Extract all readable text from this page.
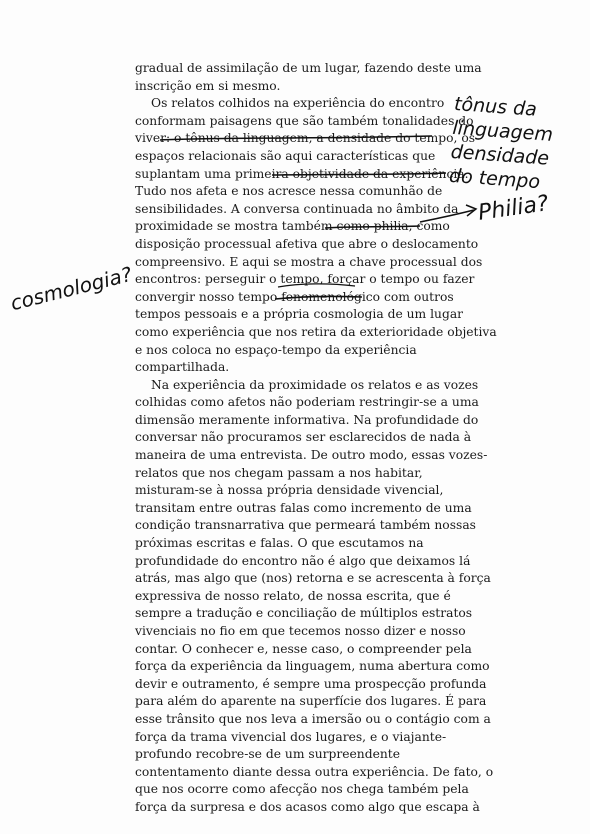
gradual de assimilação de um lugar, fazendo deste uma
inscrição em si mesmo.
Os relatos colhidos na experiência do encontro
conformam paisagens que são também tonalidades do
viver: o tônus da linguagem, a densidade do tempo, os
espaços relacionais são aqui características que
suplantam uma primeira objetividade da experiência.
Tudo nos afeta e nos acresce nessa comunhão de
sensibilidades. A conversa continuada no âmbito da
proximidade se mostra também como philia, como
disposição processual afetiva que abre o deslocamento
compreensivo. E aqui se mostra a chave processual dos
encontros: perseguir o tempo, forçar o tempo ou fazer
convergir nosso tempo fenomenológico com outros
tempos pessoais e a própria cosmologia de um lugar
como experiência que nos retira da exterioridade objetiva
e nos coloca no espaço-tempo da experiência
compartilhada.
Na experiência da proximidade os relatos e as vozes
colhidas como afetos não poderiam restringir-se a uma
dimensão meramente informativa. Na profundidade do
conversar não procuramos ser esclarecidos de nada à
maneira de uma entrevista. De outro modo, essas vozes-
relatos que nos chegam passam a nos habitar,
misturam-se à nossa própria densidade vivencial,
transitam entre outras falas como incremento de uma
condição transnarrativa que permeará também nossas
próximas escritas e falas. O que escutamos na
profundidade do encontro não é algo que deixamos lá
atrás, mas algo que (nos) retorna e se acrescenta à força
expressiva de nosso relato, de nossa escrita, que é
sempre a tradução e conciliação de múltiplos estratos
vivenciais no fio em que tecemos nosso dizer e nosso
contar. O conhecer e, nesse caso, o compreender pela
força da experiência da linguagem, numa abertura como
devir e outramento, é sempre uma prospecção profunda
para além do aparente na superfície dos lugares. É para
esse trânsito que nos leva a imersão ou o contágio com a
força da trama vivencial dos lugares, e o viajante-
profundo recobre-se de um surpreendente
contentamento diante dessa outra experiência. De fato, o
que nos ocorre como afecção nos chega também pela
força da surpresa e dos acasos como algo que escapa à
tônus da
linguagem
densidade
do tempo
Philia?
cosmologia?
